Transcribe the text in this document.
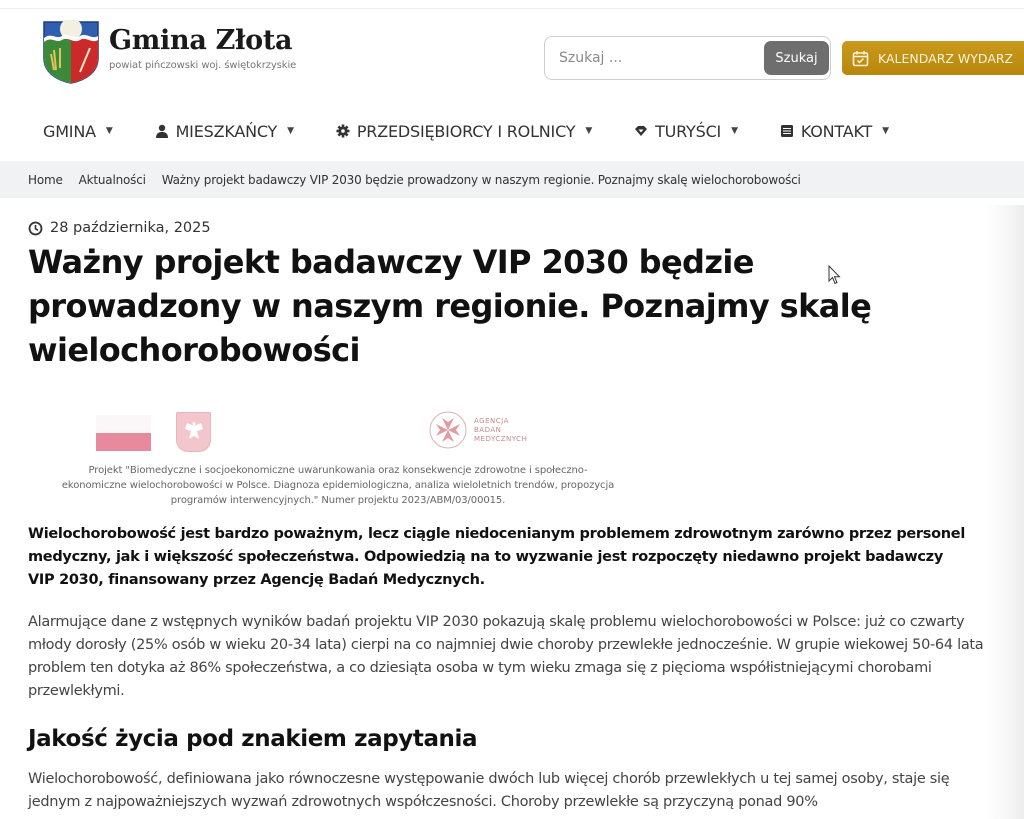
Gmina Złota
powiat pińczowski woj. świętokrzyskie
Szukaj ...	Szukaj	KALENDARZ WYDARZ
GMINA ▼	MIESZKAŃCY ▼	PRZEDSIĘBIORCY I ROLNICY ▼	TURYŚCI ▼	KONTAKT ▼
Home Aktualności Ważny projekt badawczy VIP 2030 będzie prowadzony w naszym regionie. Poznajmy skalę wielochorobowości
28 października, 2025
Ważny projekt badawczy VIP 2030 będzie prowadzony w naszym regionie. Poznajmy skalę wielochorobowości
AGENCJA
BADAŃ
MEDYCZNYCH
Projekt "Biomedyczne i socjoekonomiczne uwarunkowania oraz konsekwencje zdrowotne i społeczno-ekonomiczne wielochorobowości w Polsce. Diagnoza epidemiologiczna, analiza wieloletnich trendów, propozycja programów interwencyjnych." Numer projektu 2023/ABM/03/00015.

Wielochorobowość jest bardzo poważnym, lecz ciągle niedocenianym problemem zdrowotnym zarówno przez personel medyczny, jak i większość społeczeństwa. Odpowiedzią na to wyzwanie jest rozpoczęty niedawno projekt badawczy VIP 2030, finansowany przez Agencję Badań Medycznych.

Alarmujące dane z wstępnych wyników badań projektu VIP 2030 pokazują skalę problemu wielochorobowości w Polsce: już co czwarty młody dorosły (25% osób w wieku 20-34 lata) cierpi na co najmniej dwie choroby przewlekłe jednocześnie. W grupie wiekowej 50-64 lata problem ten dotyka aż 86% społeczeństwa, a co dziesiąta osoba w tym wieku zmaga się z pięcioma współistniejącymi chorobami przewlekłymi.

Jakość życia pod znakiem zapytania

Wielochorobowość, definiowana jako równoczesne występowanie dwóch lub więcej chorób przewlekłych u tej samej osoby, staje się jednym z najpoważniejszych wyzwań zdrowotnych współczesności. Choroby przewlekłe są przyczyną ponad 90%
